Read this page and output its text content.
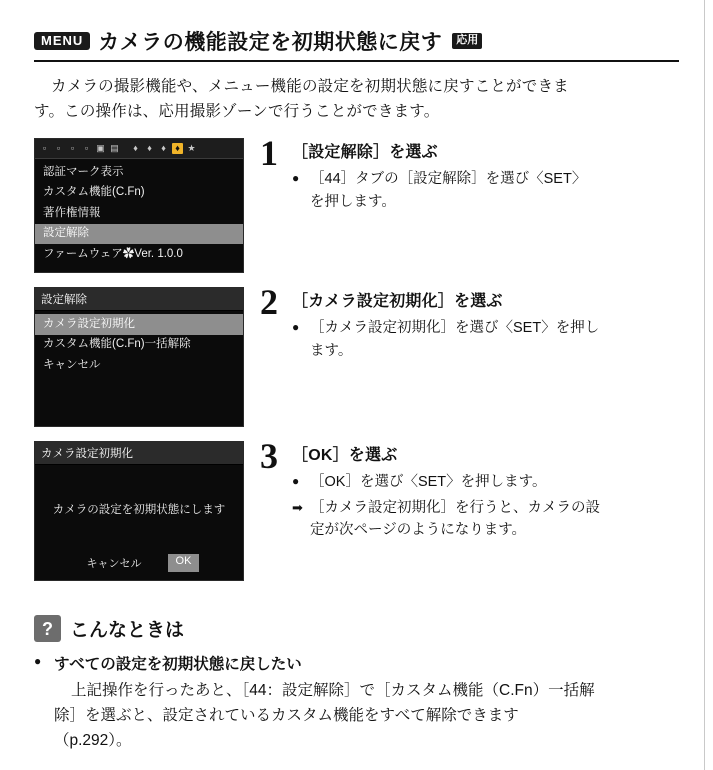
MENU カメラの機能設定を初期状態に戻す	応用

カメラの撮影機能や、メニュー機能の設定を初期状態に戻すことができま
す。この操作は、応用撮影ゾーンで行うことができます。

▫	▫	▫	▫ ▣ ▤	♦	♦	♦	♦ ★
認証マーク表示
カスタム機能(C.Fn)
著作権情報
設定解除
ファームウェア✿Ver. 1.0.0
1 ［設定解除］を選ぶ

● ［44］タブの［設定解除］を選び〈SET〉
を押します。
設定解除
カメラ設定初期化
カスタム機能(C.Fn)一括解除
キャンセル
2 ［カメラ設定初期化］を選ぶ

● ［カメラ設定初期化］を選び〈SET〉を押し
ます。
カメラ設定初期化
カメラの設定を初期状態にします
キャンセル	OK
3 ［OK］を選ぶ

● ［OK］を選び〈SET〉を押します。
➡ ［カメラ設定初期化］を行うと、カメラの設
定が次ページのようになります。
? こんなときは
● すべての設定を初期状態に戻したい

上記操作を行ったあと、［44：設定解除］で［カスタム機能（C.Fn）一括解
除］を選ぶと、設定されているカスタム機能をすべて解除できます
（p.292）。
